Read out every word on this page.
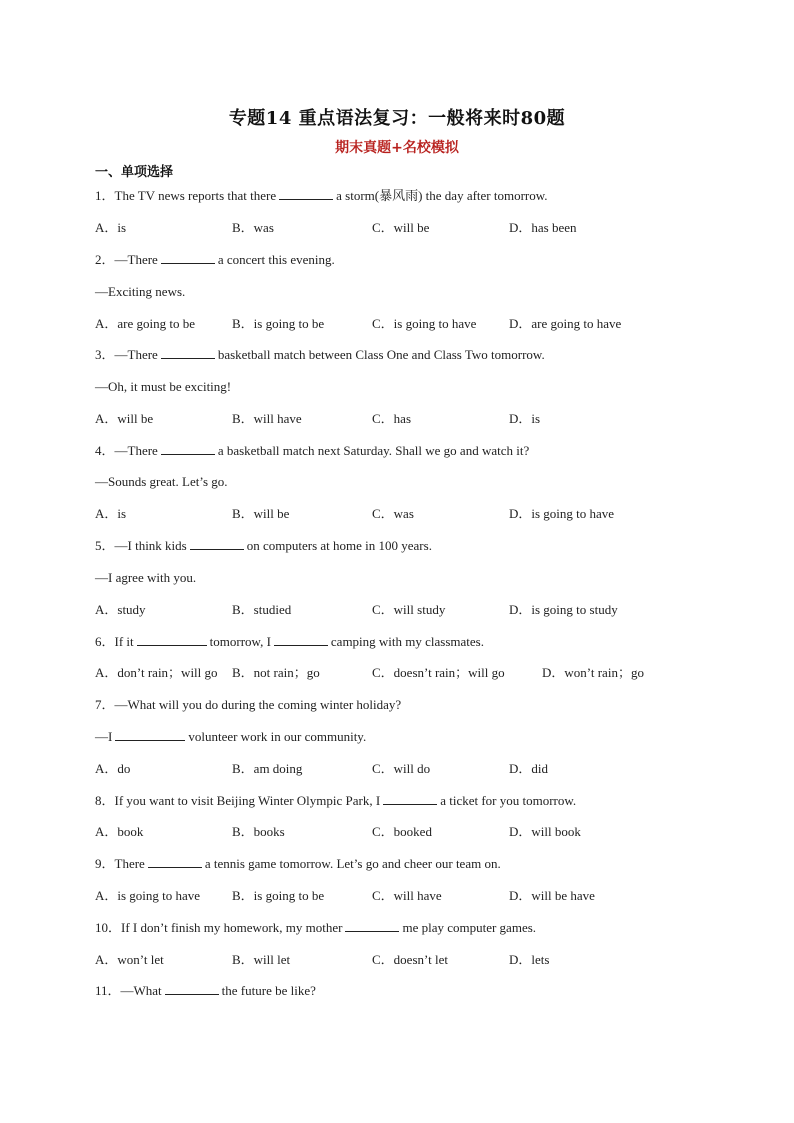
专题14 重点语法复习：一般将来时80题
期末真题+名校模拟
一、单项选择
1．The TV news reports that there	a storm(暴风雨) the day after tomorrow.
A．is	B．was	C．will be	D．has been
2．—There	a concert this evening.
—Exciting news.
A．are going to be	B．is going to be	C．is going to have	D．are going to have
3．—There	basketball match between Class One and Class Two tomorrow.
—Oh, it must be exciting!
A．will be	B．will have	C．has	D．is
4．—There	a basketball match next Saturday. Shall we go and watch it?
—Sounds great. Let’s go.
A．is	B．will be	C．was	D．is going to have
5．—I think kids	on computers at home in 100 years.
—I agree with you.
A．study	B．studied	C．will study	D．is going to study
6．If it	tomorrow, I	camping with my classmates.
A．don’t rain；will go B．not rain；go	C．doesn’t rain；will go	D．won’t rain；go
7．—What will you do during the coming winter holiday?
—I	volunteer work in our community.
A．do	B．am doing	C．will do	D．did
8．If you want to visit Beijing Winter Olympic Park, I	a ticket for you tomorrow.
A．book	B．books	C．booked	D．will book
9．There	a tennis game tomorrow. Let’s go and cheer our team on.
A．is going to have B．is going to be	C．will have	D．will be have
10．If I don’t finish my homework, my mother	me play computer games.
A．won’t let	B．will let	C．doesn’t let	D．lets
11．—What	the future be like?
